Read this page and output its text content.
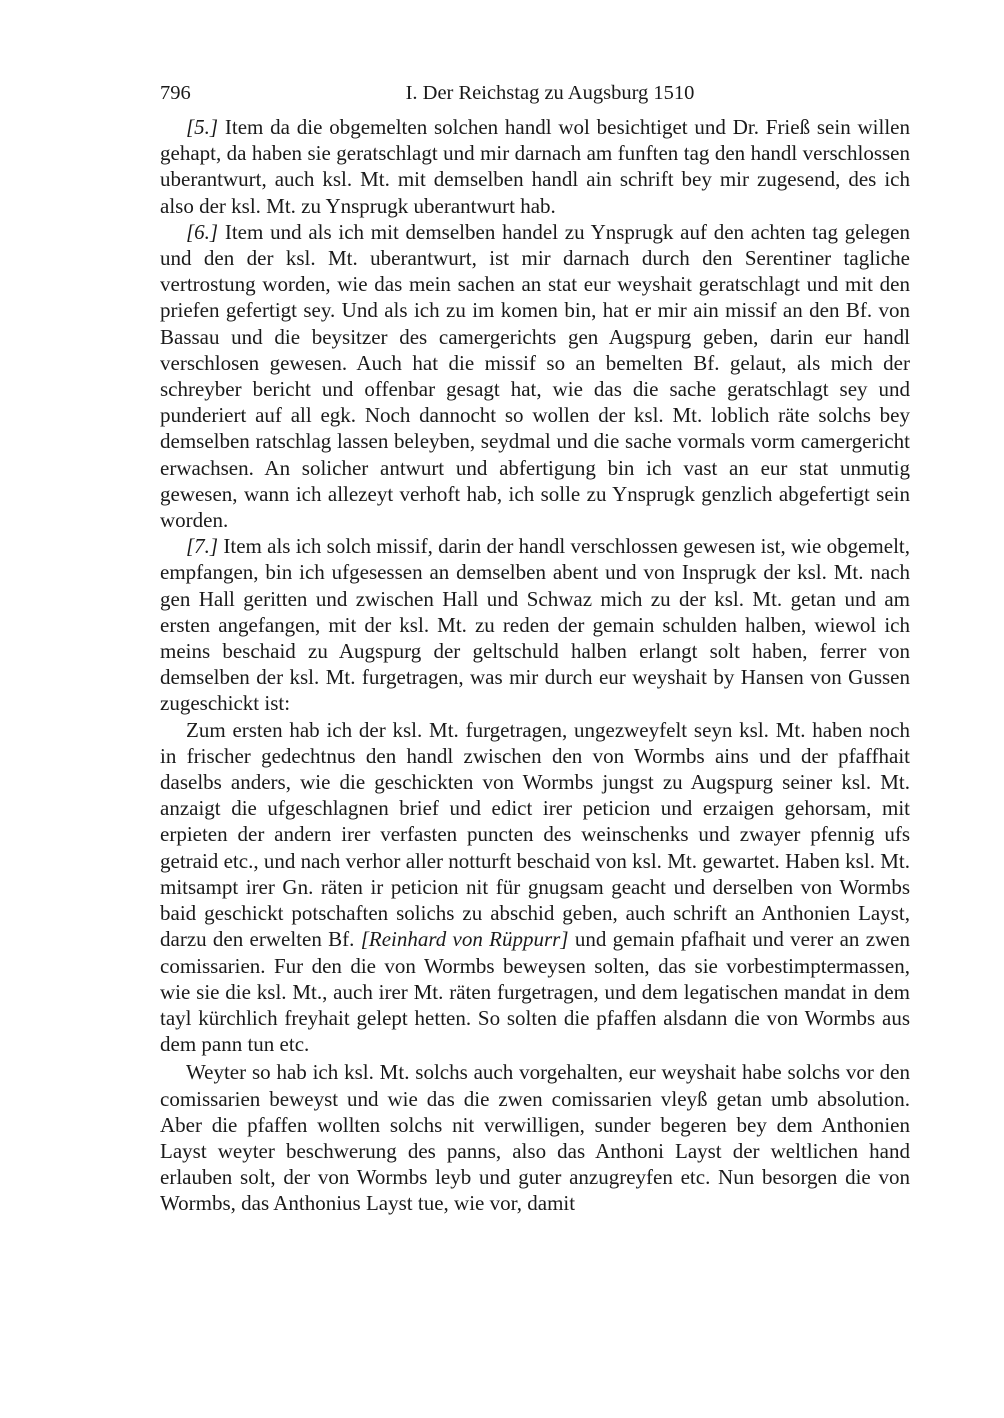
796	I. Der Reichstag zu Augsburg 1510

[5.] Item da die obgemelten solchen handl wol besichtiget und Dr. Frieß sein willen gehapt, da haben sie geratschlagt und mir darnach am funften tag den handl verschlossen uberantwurt, auch ksl. Mt. mit demselben handl ain schrift bey mir zugesend, des ich also der ksl. Mt. zu Ynsprugk uberantwurt hab.

[6.] Item und als ich mit demselben handel zu Ynsprugk auf den achten tag gelegen und den der ksl. Mt. uberantwurt, ist mir darnach durch den Serentiner tagliche vertrostung worden, wie das mein sachen an stat eur weyshait geratschlagt und mit den priefen gefertigt sey. Und als ich zu im komen bin, hat er mir ain missif an den Bf. von Bassau und die beysitzer des camergerichts gen Augspurg geben, darin eur handl verschlosen gewesen. Auch hat die missif so an bemelten Bf. gelaut, als mich der schreyber bericht und offenbar gesagt hat, wie das die sache geratschlagt sey und punderiert auf all egk. Noch dannocht so wollen der ksl. Mt. loblich räte solchs bey demselben ratschlag lassen beleyben, seydmal und die sache vormals vorm camergericht erwachsen. An solicher antwurt und abfertigung bin ich vast an eur stat unmutig gewesen, wann ich allezeyt verhoft hab, ich solle zu Ynsprugk genzlich abgefertigt sein worden.

[7.] Item als ich solch missif, darin der handl verschlossen gewesen ist, wie obgemelt, empfangen, bin ich ufgesessen an demselben abent und von Insprugk der ksl. Mt. nach gen Hall geritten und zwischen Hall und Schwaz mich zu der ksl. Mt. getan und am ersten angefangen, mit der ksl. Mt. zu reden der gemain schulden halben, wiewol ich meins beschaid zu Augspurg der geltschuld halben erlangt solt haben, ferrer von demselben der ksl. Mt. furgetragen, was mir durch eur weyshait by Hansen von Gussen zugeschickt ist:

Zum ersten hab ich der ksl. Mt. furgetragen, ungezweyfelt seyn ksl. Mt. haben noch in frischer gedechtnus den handl zwischen den von Wormbs ains und der pfaffhait daselbs anders, wie die geschickten von Wormbs jungst zu Augspurg seiner ksl. Mt. anzaigt die ufgeschlagnen brief und edict irer peticion und erzaigen gehorsam, mit erpieten der andern irer verfasten puncten des weinschenks und zwayer pfennig ufs getraid etc., und nach verhor aller notturft beschaid von ksl. Mt. gewartet. Haben ksl. Mt. mitsampt irer Gn. räten ir peticion nit für gnugsam geacht und derselben von Wormbs baid geschickt potschaften solichs zu abschid geben, auch schrift an Anthonien Layst, darzu den erwelten Bf. [Reinhard von Rüppurr] und gemain pfafhait und verer an zwen comissarien. Fur den die von Wormbs beweysen solten, das sie vorbestimptermassen, wie sie die ksl. Mt., auch irer Mt. räten furgetragen, und dem legatischen mandat in dem tayl kürchlich freyhait gelept hetten. So solten die pfaffen alsdann die von Wormbs aus dem pann tun etc.

Weyter so hab ich ksl. Mt. solchs auch vorgehalten, eur weyshait habe solchs vor den comissarien beweyst und wie das die zwen comissarien vleyß getan umb absolution. Aber die pfaffen wollten solchs nit verwilligen, sunder begeren bey dem Anthonien Layst weyter beschwerung des panns, also das Anthoni Layst der weltlichen hand erlauben solt, der von Wormbs leyb und guter anzugreyfen etc. Nun besorgen die von Wormbs, das Anthonius Layst tue, wie vor, damit
